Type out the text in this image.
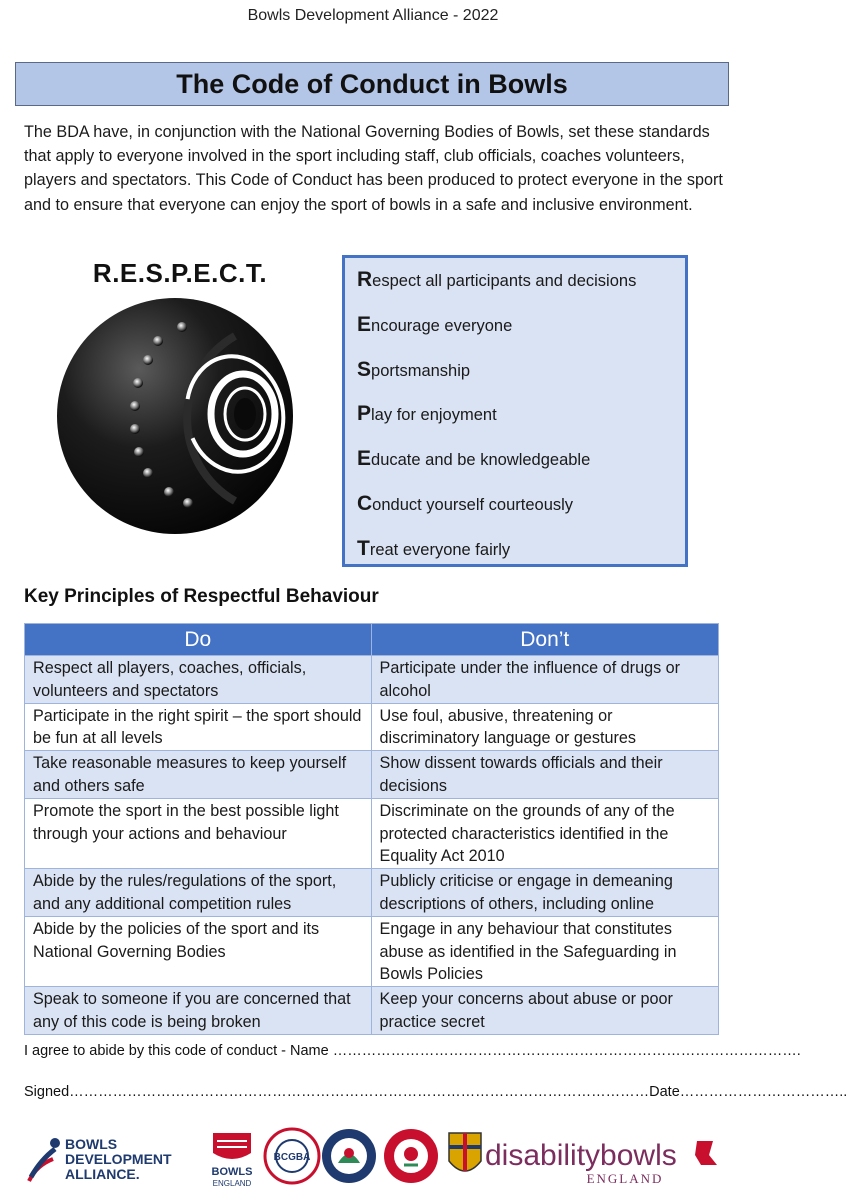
Bowls Development Alliance - 2022
The Code of Conduct in Bowls

The BDA have, in conjunction with the National Governing Bodies of Bowls, set these standards that apply to everyone involved in the sport including staff, club officials, coaches volunteers, players and spectators. This Code of Conduct has been produced to protect everyone in the sport and to ensure that everyone can enjoy the sport of bowls in a safe and inclusive environment.

R.E.S.P.E.C.T.	Respect all participants and decisions
Encourage everyone
Sportsmanship
Play for enjoyment
Educate and be knowledgeable
Conduct yourself courteously
Treat everyone fairly
Key Principles of Respectful Behaviour
Do	Don’t
Respect all players, coaches, officials, volunteers and spectators	Participate under the influence of drugs or alcohol
Participate in the right spirit – the sport should be fun at all levels	Use foul, abusive, threatening or discriminatory language or gestures
Take reasonable measures to keep yourself and others safe	Show dissent towards officials and their decisions
Promote the sport in the best possible light through your actions and behaviour	Discriminate on the grounds of any of the protected characteristics identified in the Equality Act 2010
Abide by the rules/regulations of the sport, and any additional competition rules	Publicly criticise or engage in demeaning descriptions of others, including online
Abide by the policies of the sport and its National Governing Bodies	Engage in any behaviour that constitutes abuse as identified in the Safeguarding in Bowls Policies
Speak to someone if you are concerned that any of this code is being broken	Keep your concerns about abuse or poor practice secret
I agree to abide by this code of conduct - Name …………………………………………………………………………………….
Signed…………………………………………………………………………………………………………Date……………………………..
BOWLS
DEVELOPMENT
ALLIANCE.	BOWLS
ENGLAND
BCGBA	disabilitybowls
ENGLAND
